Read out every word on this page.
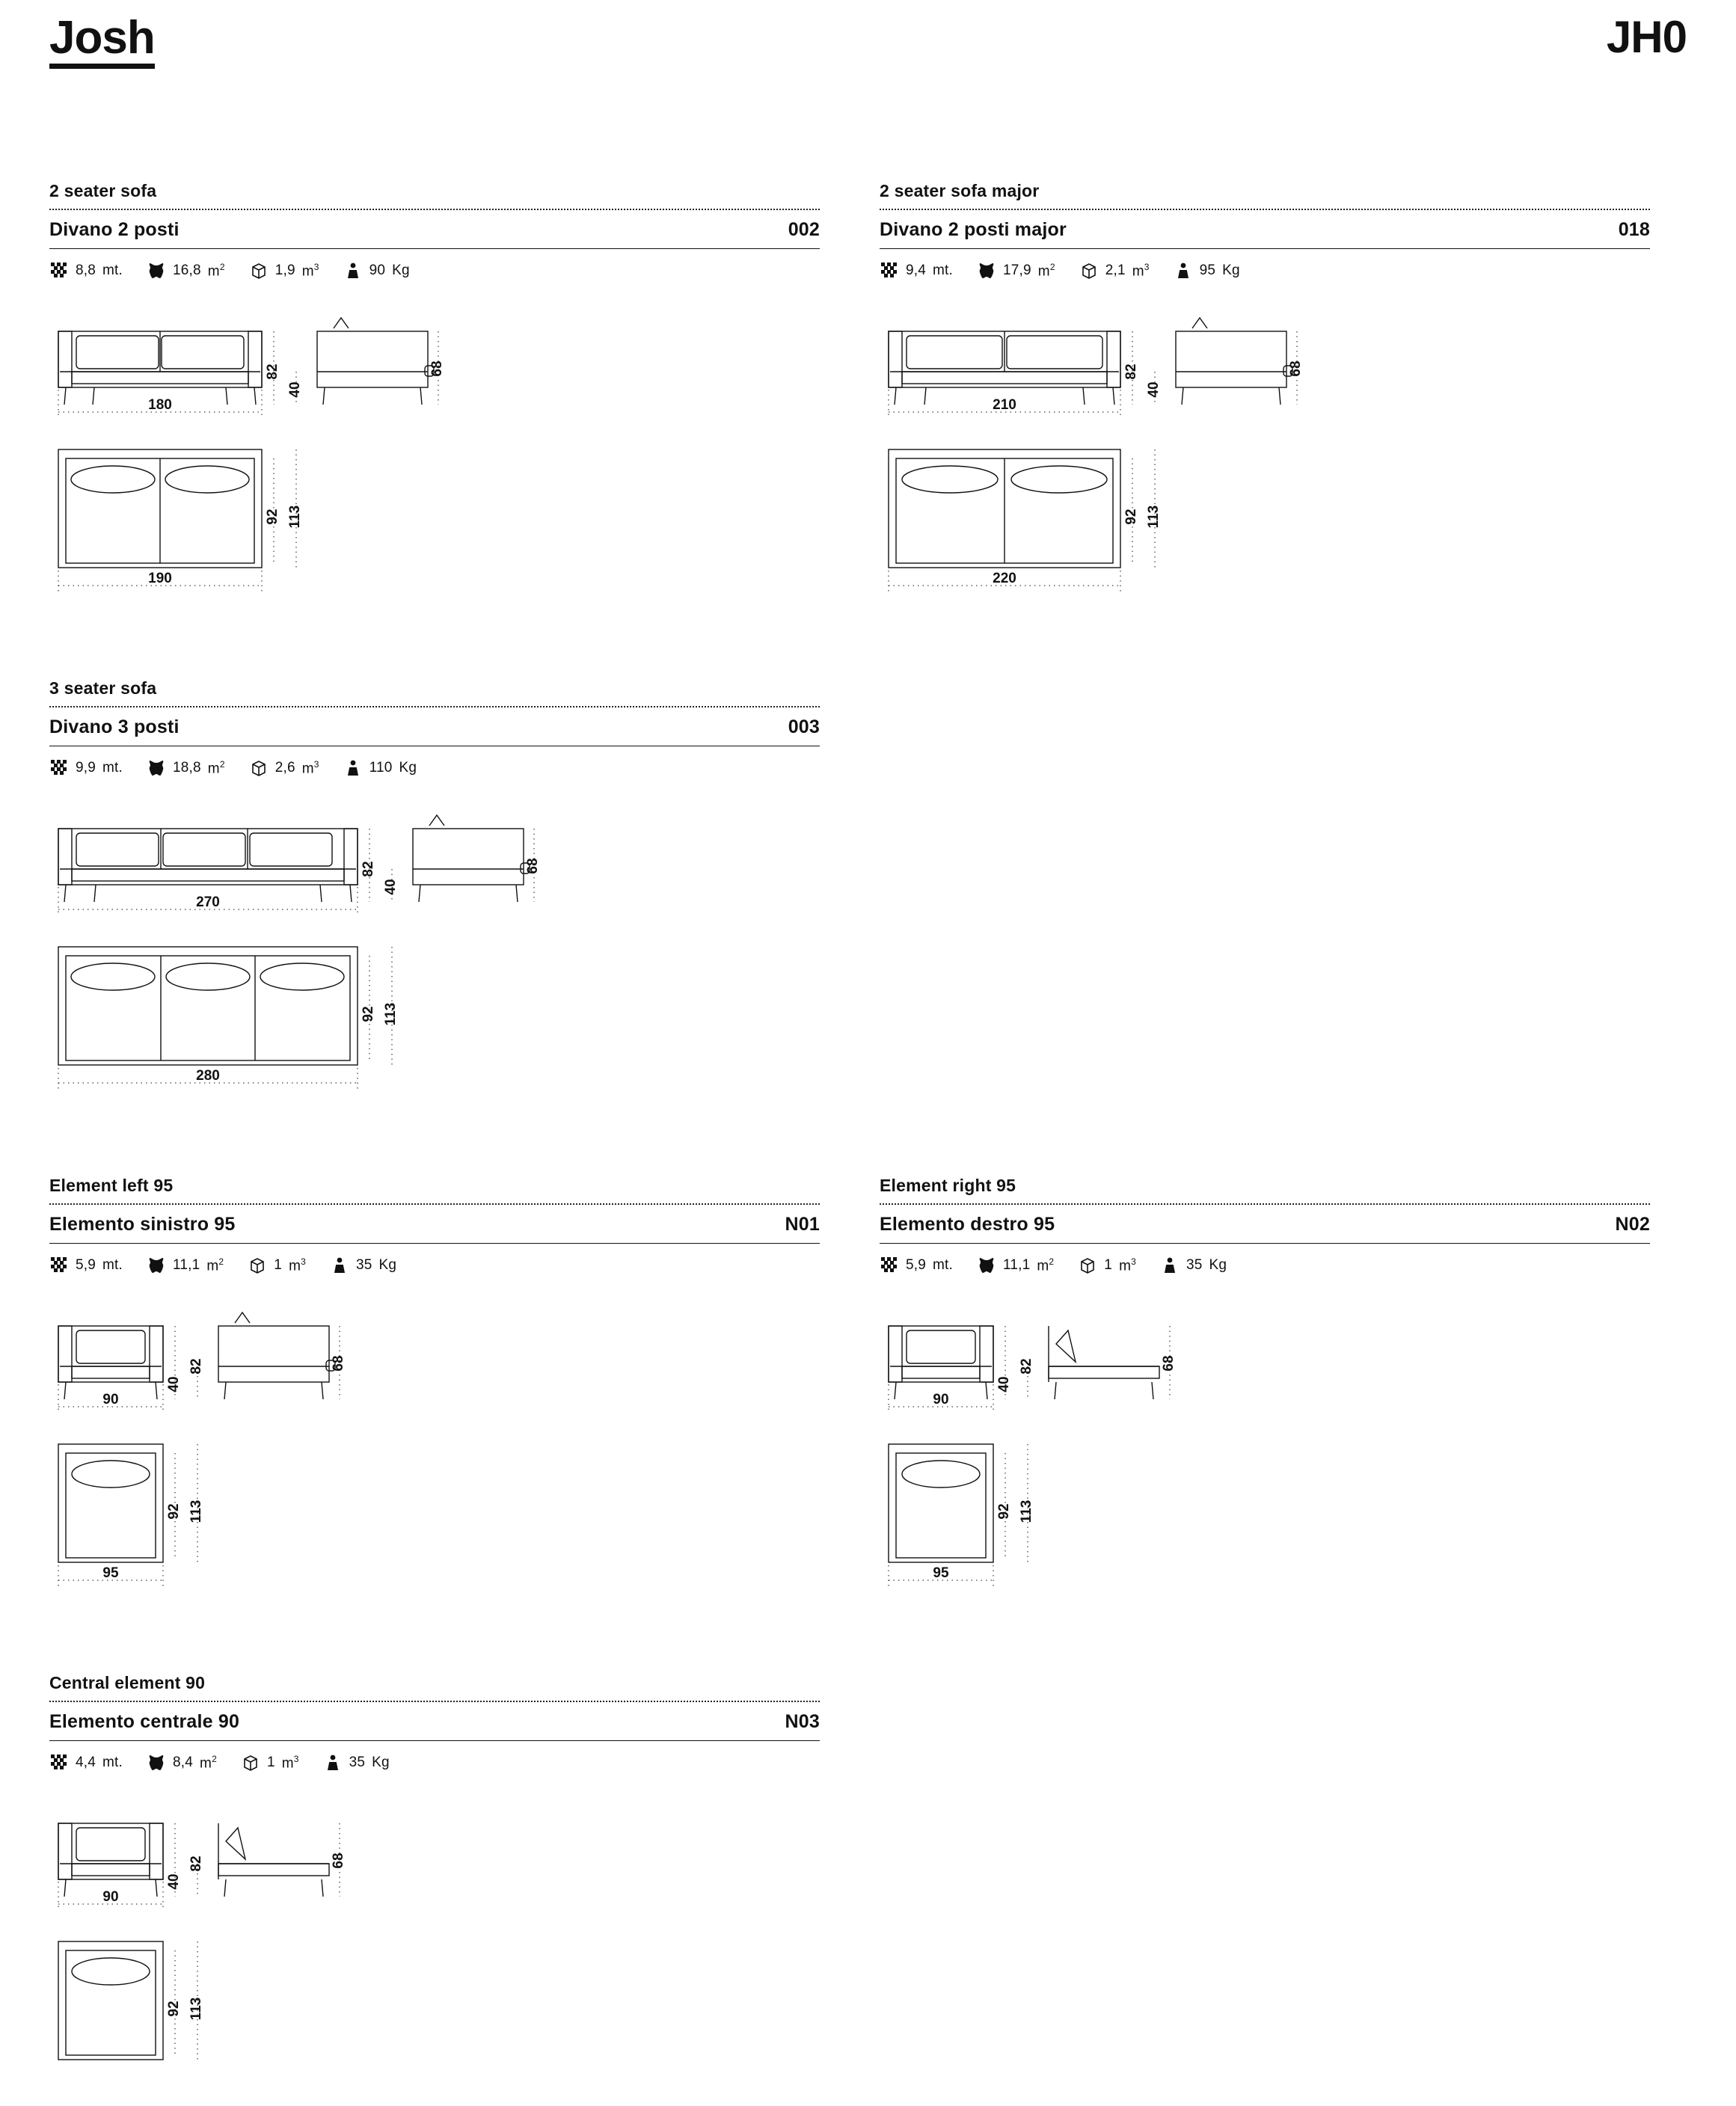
Josh	JH0
2 seater sofa
Divano 2 posti	002
8,8 mt.	16,8 $m^2$	1,9 $m^3$	90 Kg
180
40
82	68
190
92 113
2 seater sofa major
Divano 2 posti major	018
9,4 mt.	17,9 $m^2$	2,1 $m^3$	95 Kg
210
40
82	68
220
92 113
3 seater sofa
Divano 3 posti	003
9,9 mt.	18,8 $m^2$	2,6 $m^3$	110 Kg
270
40
82	68
280
92 113
Element left 95
Elemento sinistro 95	N01
5,9 mt.	11,1 $m^2$	1 $m^3$	35 Kg
90
40
82	68
95
92 113
Element right 95
Elemento destro 95	N02
5,9 mt.	11,1 $m^2$	1 $m^3$	35 Kg
90
40
82	68
95
92 113
Central element 90
Elemento centrale 90	N03
4,4 mt.	8,4 $m^2$	1 $m^3$	35 Kg
90
40
82	68
92 113
